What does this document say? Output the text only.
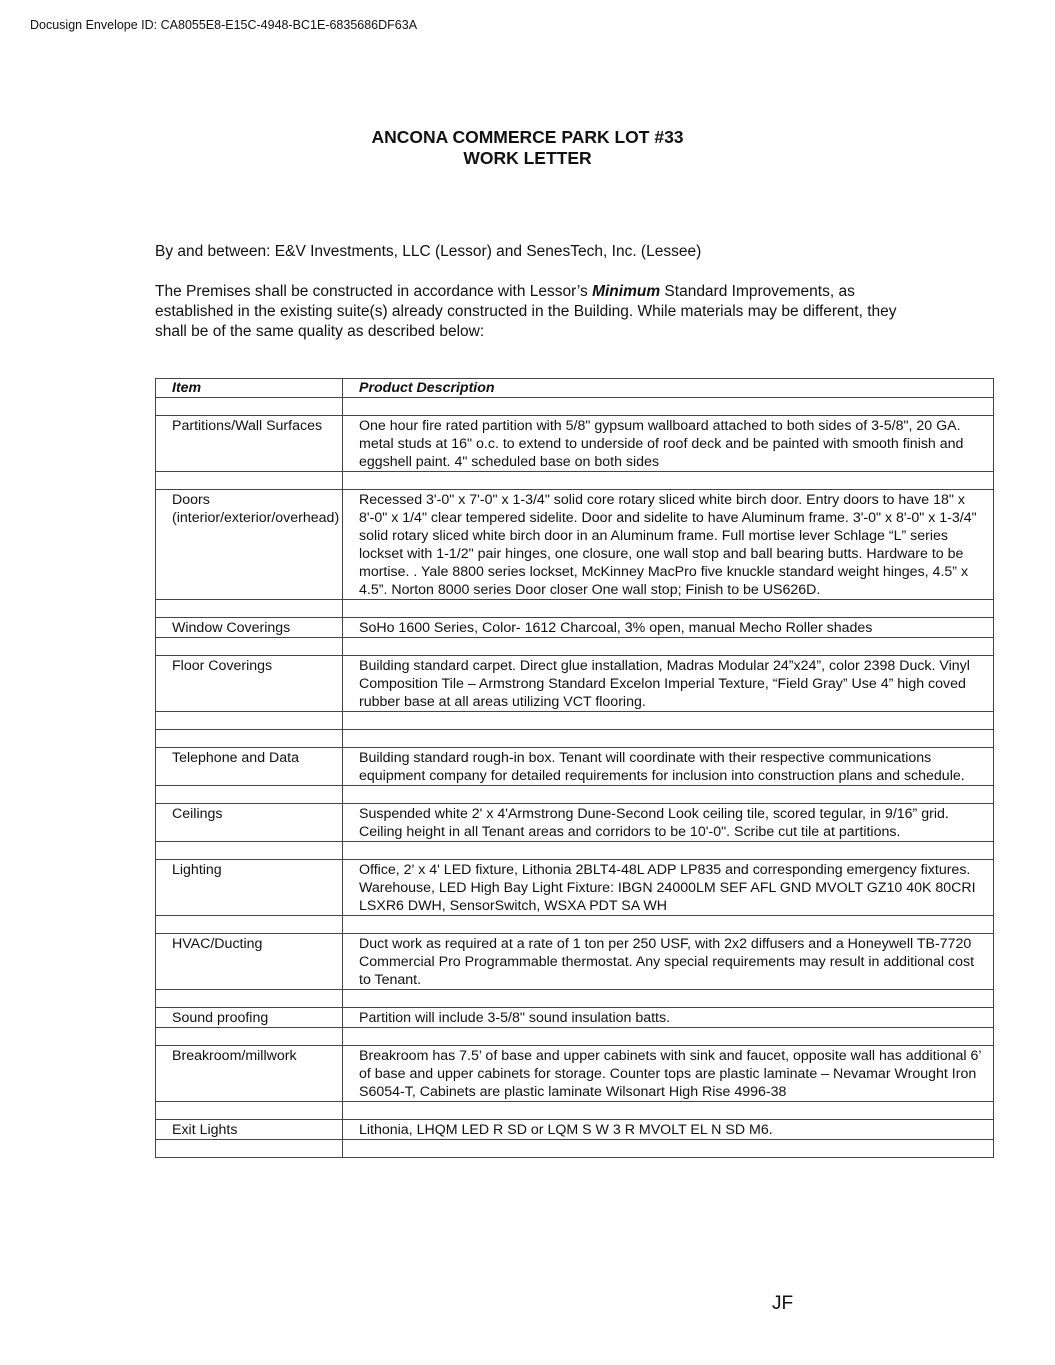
Docusign Envelope ID: CA8055E8-E15C-4948-BC1E-6835686DF63A
ANCONA COMMERCE PARK LOT #33
WORK LETTER
By and between: E&V Investments, LLC (Lessor) and SenesTech, Inc. (Lessee)
The Premises shall be constructed in accordance with Lessor’s Minimum Standard Improvements, as established in the existing suite(s) already constructed in the Building. While materials may be different, they shall be of the same quality as described below:
Item	Product Description

Partitions/Wall Surfaces	One hour fire rated partition with 5/8" gypsum wallboard attached to both sides of 3-5/8", 20 GA. metal studs at 16" o.c. to extend to underside of roof deck and be painted with smooth finish and eggshell paint. 4" scheduled base on both sides

Doors (interior/exterior/overhead)	Recessed 3'-0" x 7'-0" x 1-3/4" solid core rotary sliced white birch door. Entry doors to have 18" x 8'-0" x 1/4" clear tempered sidelite. Door and sidelite to have Aluminum frame. 3'-0" x 8'-0" x 1-3/4" solid rotary sliced white birch door in an Aluminum frame. Full mortise lever Schlage “L” series lockset with 1-1/2" pair hinges, one closure, one wall stop and ball bearing butts. Hardware to be mortise. . Yale 8800 series lockset, McKinney MacPro five knuckle standard weight hinges, 4.5” x 4.5”. Norton 8000 series Door closer One wall stop; Finish to be US626D.

Window Coverings	SoHo 1600 Series, Color- 1612 Charcoal, 3% open, manual Mecho Roller shades

Floor Coverings	Building standard carpet. Direct glue installation, Madras Modular 24”x24”, color 2398 Duck. Vinyl Composition Tile – Armstrong Standard Excelon Imperial Texture, “Field Gray” Use 4” high coved rubber base at all areas utilizing VCT flooring.

Telephone and Data	Building standard rough-in box. Tenant will coordinate with their respective communications equipment company for detailed requirements for inclusion into construction plans and schedule.

Ceilings	Suspended white 2' x 4'Armstrong Dune-Second Look ceiling tile, scored tegular, in 9/16” grid. Ceiling height in all Tenant areas and corridors to be 10'-0". Scribe cut tile at partitions.

Lighting	Office, 2' x 4' LED fixture, Lithonia 2BLT4-48L ADP LP835 and corresponding emergency fixtures.
Warehouse, LED High Bay Light Fixture: IBGN 24000LM SEF AFL GND MVOLT GZ10 40K 80CRI LSXR6 DWH, SensorSwitch, WSXA PDT SA WH

HVAC/Ducting	Duct work as required at a rate of 1 ton per 250 USF, with 2x2 diffusers and a Honeywell TB-7720 Commercial Pro Programmable thermostat. Any special requirements may result in additional cost to Tenant.

Sound proofing	Partition will include 3-5/8" sound insulation batts.

Breakroom/millwork	Breakroom has 7.5’ of base and upper cabinets with sink and faucet, opposite wall has additional 6’ of base and upper cabinets for storage. Counter tops are plastic laminate – Nevamar Wrought Iron S6054-T, Cabinets are plastic laminate Wilsonart High Rise 4996-38

Exit Lights	Lithonia, LHQM LED R SD or LQM S W 3 R MVOLT EL N SD M6.

JF
